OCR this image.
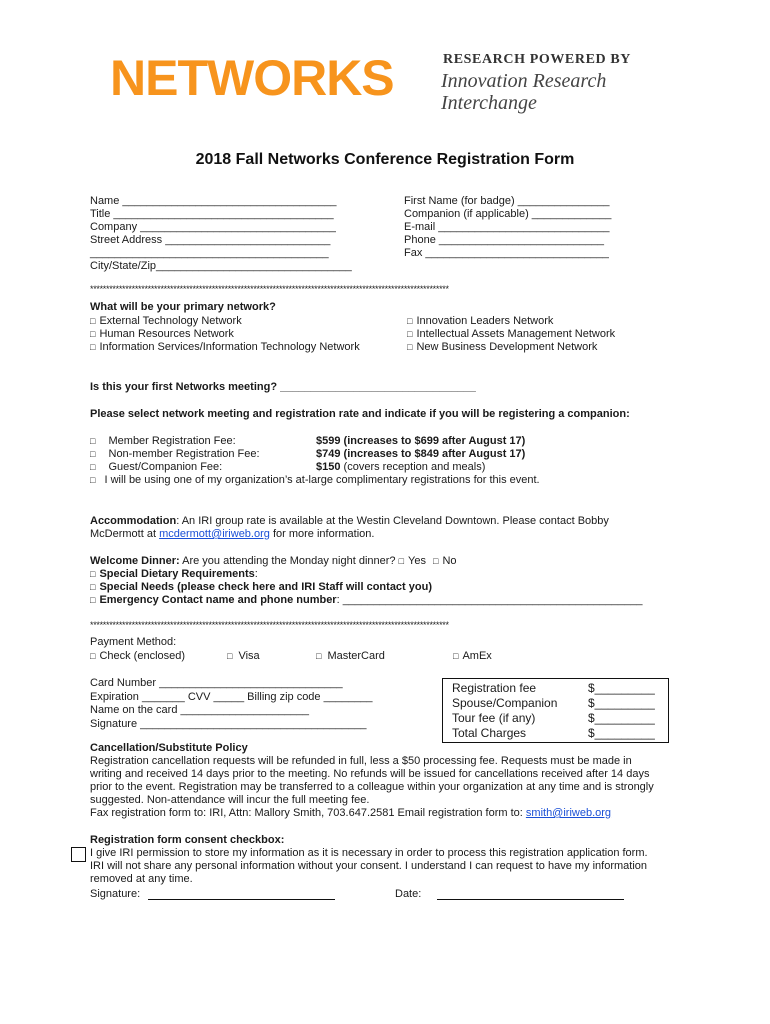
NETWORKS	RESEARCH POWERED BY
Innovation Research
Interchange
2018 Fall Networks Conference Registration Form
Name ___________________________________
Title ____________________________________
Company ________________________________
Street Address ___________________________
_______________________________________
City/State/Zip________________________________
First Name (for badge) _______________
Companion (if applicable) _____________
E-mail ____________________________
Phone ___________________________
Fax ______________________________
****************************************************************************************************************
What will be your primary network?
□ External Technology Network
□ Human Resources Network
□ Information Services/Information Technology Network
□ Innovation Leaders Network
□ Intellectual Assets Management Network
□ New Business Development Network
Is this your first Networks meeting? ________________________________
Please select network meeting and registration rate and indicate if you will be registering a companion:
□ Member Registration Fee:	$599 (increases to $699 after August 17)
□ Non-member Registration Fee:	$749 (increases to $849 after August 17)
□ Guest/Companion Fee:	$150 (covers reception and meals)
□ I will be using one of my organization’s at-large complimentary registrations for this event.
Accommodation: An IRI group rate is available at the Westin Cleveland Downtown. Please contact Bobby
McDermott at mcdermott@iriweb.org for more information.
Welcome Dinner: Are you attending the Monday night dinner? □ Yes □ No
□ Special Dietary Requirements:
□ Special Needs (please check here and IRI Staff will contact you)
□ Emergency Contact name and phone number: _________________________________________________
****************************************************************************************************************
Payment Method:
□ Check (enclosed)	□ Visa	□ MasterCard	□ AmEx
Card Number ______________________________
Expiration _______ CVV _____ Billing zip code ________
Name on the card _____________________
Signature _____________________________________
Registration fee	$_________
Spouse/Companion	$_________
Tour fee (if any)	$_________
Total Charges	$_________
Cancellation/Substitute Policy
Registration cancellation requests will be refunded in full, less a $50 processing fee. Requests must be made in
writing and received 14 days prior to the meeting. No refunds will be issued for cancellations received after 14 days
prior to the event. Registration may be transferred to a colleague within your organization at any time and is strongly
suggested. Non-attendance will incur the full meeting fee.
Fax registration form to: IRI, Attn: Mallory Smith, 703.647.2581 Email registration form to: smith@iriweb.org
Registration form consent checkbox:
I give IRI permission to store my information as it is necessary in order to process this registration application form.
IRI will not share any personal information without your consent. I understand I can request to have my information
removed at any time.
Signature:	Date:
